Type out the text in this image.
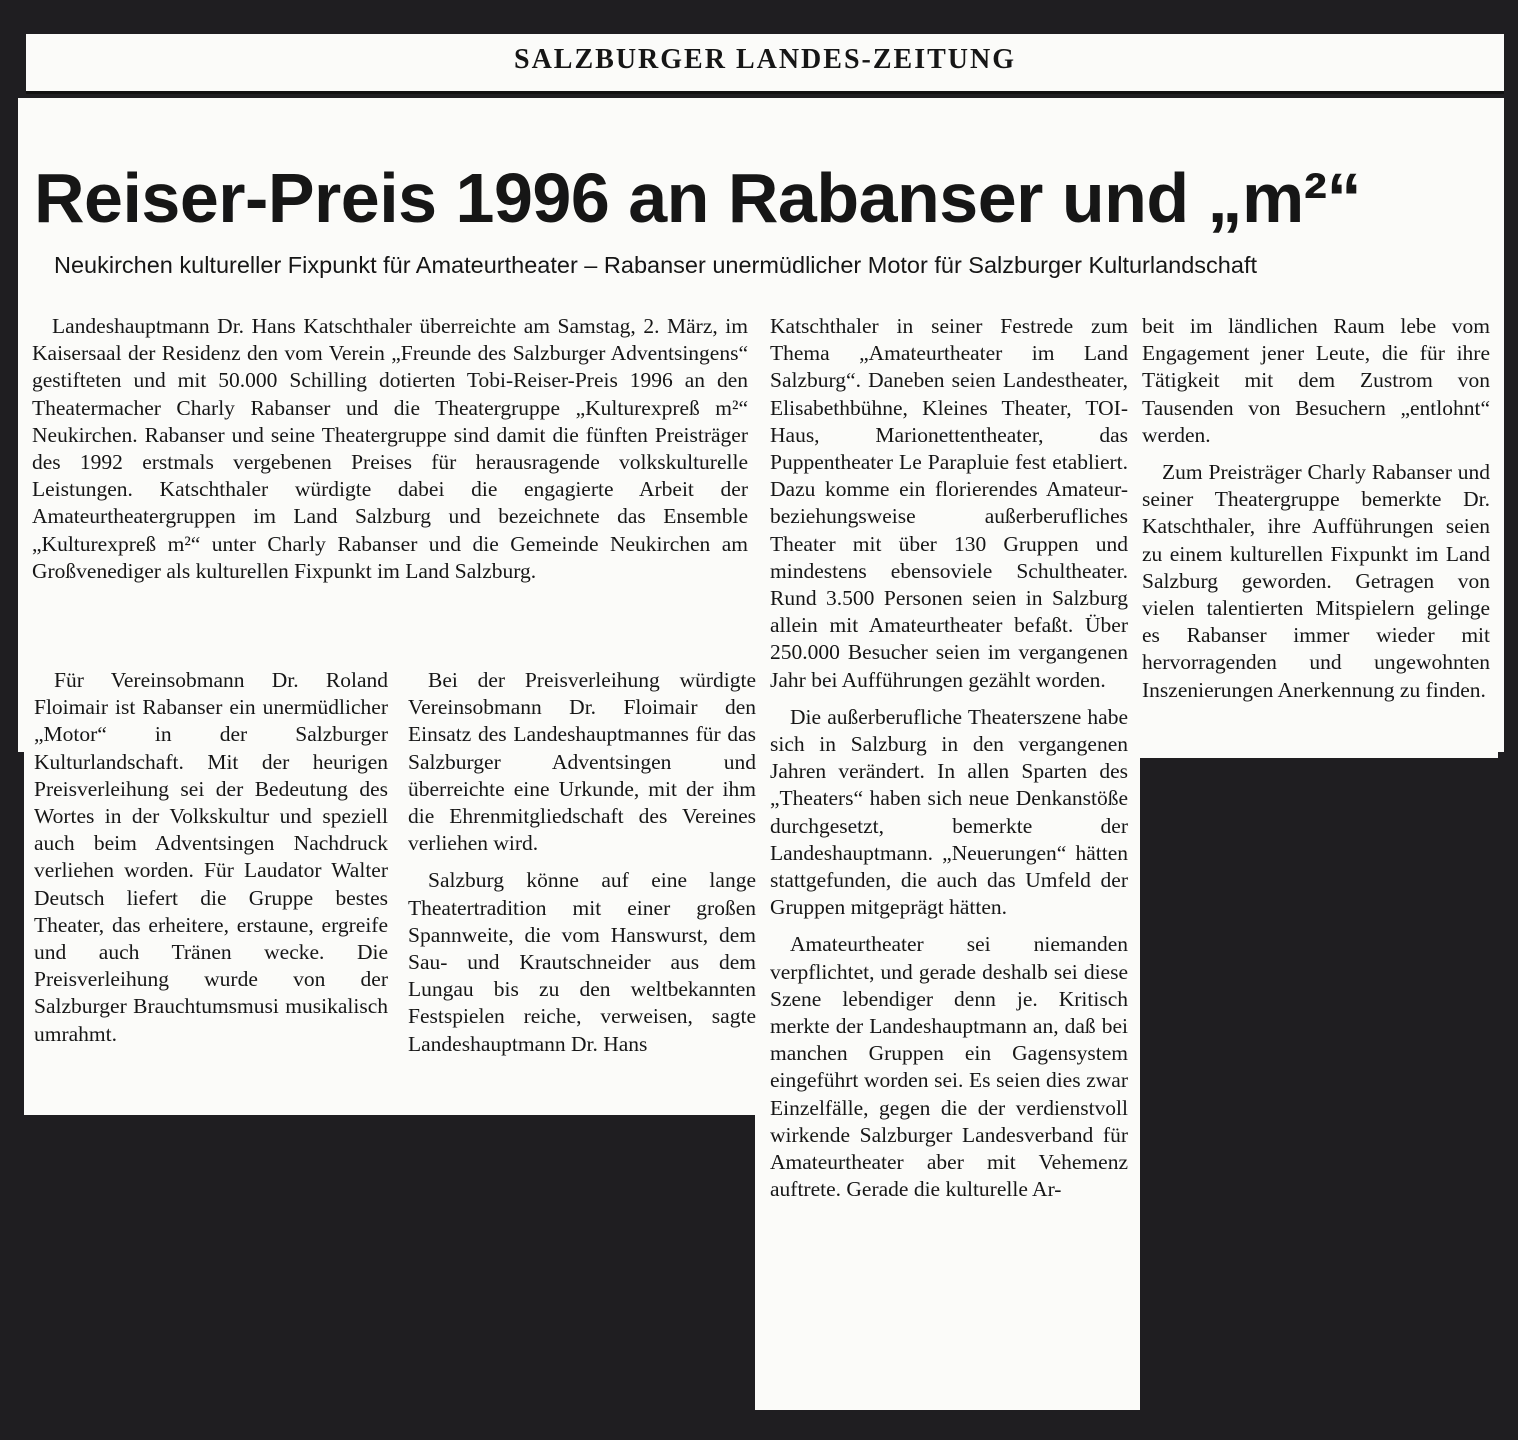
SALZBURGER LANDES-ZEITUNG
Reiser-Preis 1996 an Rabanser und „m²“
Neukirchen kultureller Fixpunkt für Amateurtheater – Rabanser unermüdlicher Motor für Salzburger Kulturlandschaft

Landeshauptmann Dr. Hans Katschthaler überreichte am Samstag, 2. März, im Kaisersaal der Residenz den vom Verein „Freunde des Salzburger Adventsingens“ gestifteten und mit 50.000 Schilling dotierten Tobi-Reiser-Preis 1996 an den Theatermacher Charly Rabanser und die Theatergruppe „Kulturexpreß m²“ Neukirchen. Rabanser und seine Theatergruppe sind damit die fünften Preisträger des 1992 erstmals vergebenen Preises für herausragende volkskulturelle Leistungen. Katschthaler würdigte dabei die engagierte Arbeit der Amateurtheatergruppen im Land Salzburg und bezeichnete das Ensemble „Kulturexpreß m²“ unter Charly Rabanser und die Gemeinde Neukirchen am Großvenediger als kulturellen Fixpunkt im Land Salzburg.

Für Vereinsobmann Dr. Roland Floimair ist Rabanser ein unermüdlicher „Motor“ in der Salzburger Kulturlandschaft. Mit der heurigen Preisverleihung sei der Bedeutung des Wortes in der Volkskultur und speziell auch beim Adventsingen Nachdruck verliehen worden. Für Laudator Walter Deutsch liefert die Gruppe bestes Theater, das erheitere, erstaune, ergreife und auch Tränen wecke. Die Preisverleihung wurde von der Salzburger Brauchtumsmusi musikalisch umrahmt.

Bei der Preisverleihung würdigte Vereinsobmann Dr. Floimair den Einsatz des Landeshauptmannes für das Salzburger Adventsingen und überreichte eine Urkunde, mit der ihm die Ehrenmitgliedschaft des Vereines verliehen wird.

Salzburg könne auf eine lange Theatertradition mit einer großen Spannweite, die vom Hanswurst, dem Sau- und Krautschneider aus dem Lungau bis zu den weltbekannten Festspielen reiche, verweisen, sagte Landeshauptmann Dr. Hans

Katschthaler in seiner Festrede zum Thema „Amateurtheater im Land Salzburg“. Daneben seien Landestheater, Elisabethbühne, Kleines Theater, TOI-Haus, Marionettentheater, das Puppentheater Le Parapluie fest etabliert. Dazu komme ein florierendes Amateur- beziehungsweise außerberufliches Theater mit über 130 Gruppen und mindestens ebensoviele Schultheater. Rund 3.500 Personen seien in Salzburg allein mit Amateurtheater befaßt. Über 250.000 Besucher seien im vergangenen Jahr bei Aufführungen gezählt worden.

Die außerberufliche Theaterszene habe sich in Salzburg in den vergangenen Jahren verändert. In allen Sparten des „Theaters“ haben sich neue Denkanstöße durchgesetzt, bemerkte der Landeshauptmann. „Neuerungen“ hätten stattgefunden, die auch das Umfeld der Gruppen mitgeprägt hätten.

Amateurtheater sei niemanden verpflichtet, und gerade deshalb sei diese Szene lebendiger denn je. Kritisch merkte der Landeshauptmann an, daß bei manchen Gruppen ein Gagensystem eingeführt worden sei. Es seien dies zwar Einzelfälle, gegen die der verdienstvoll wirkende Salzburger Landesverband für Amateurtheater aber mit Vehemenz auftrete. Gerade die kulturelle Ar-

beit im ländlichen Raum lebe vom Engagement jener Leute, die für ihre Tätigkeit mit dem Zustrom von Tausenden von Besuchern „entlohnt“ werden.

Zum Preisträger Charly Rabanser und seiner Theatergruppe bemerkte Dr. Katschthaler, ihre Aufführungen seien zu einem kulturellen Fixpunkt im Land Salzburg geworden. Getragen von vielen talentierten Mitspielern gelinge es Rabanser immer wieder mit hervorragenden und ungewohnten Inszenierungen Anerkennung zu finden.
